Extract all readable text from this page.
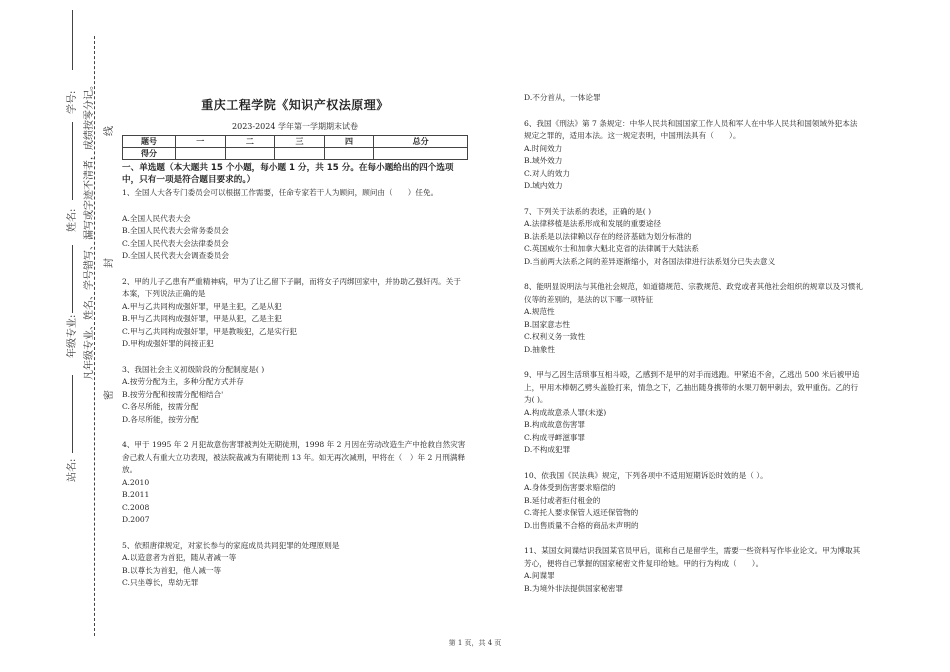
学号:
姓名:
年级专业:
站名:
凡年级专业、姓名、学号错写、漏写或字迹不清者，成绩按零分记。
密
封
线
重庆工程学院《知识产权法原理》
2023-2024 学年第一学期期末试卷
题号	一	二	三	四	总分
得分					
一、单选题（本大题共 15 个小题，每小题 1 分，共 15 分。在每小题给出的四个选项中，只有一项是符合题目要求的。）

1、全国人大各专门委员会可以根据工作需要，任命专家若干人为顾问，顾问由（　　）任免。

A.全国人民代表大会

B.全国人民代表大会常务委员会

C.全国人民代表大会法律委员会

D.全国人民代表大会调查委员会

2、甲的儿子乙患有严重精神病，甲为了让乙留下子嗣，而将女子丙绑回家中，并协助乙强奸丙。关于本案，下列说法正确的是

A.甲与乙共同构成强奸罪，甲是主犯，乙是从犯

B.甲与乙共同构成强奸罪，甲是从犯，乙是主犯

C.甲与乙共同构成强奸罪，甲是教唆犯，乙是实行犯

D.甲构成强奸罪的间接正犯

3、我国社会主义初级阶段的分配制度是( )

A.按劳分配为主，多种分配方式并存

B.按劳分配和按需分配相结合'

C.各尽所能，按需分配

D.各尽所能，按劳分配

4、甲于 1995 年 2 月犯故意伤害罪被判处无期徒刑，1998 年 2 月因在劳动改造生产中抢救自然灾害舍己救人有重大立功表现，被法院裁减为有期徒刑 13 年。如无再次减刑，甲将在（　）年 2 月刑满释放。

A.2010

B.2011

C.2008

D.2007

5、依照唐律规定，对家长参与的家庭成员共同犯罪的处理原则是

A.以造意者为首犯，随从者减一等

B.以尊长为首犯，他人减一等

C.只坐尊长，卑幼无罪

D.不分首从，一体论罪

6、我国《刑法》第 7 条规定：中华人民共和国国家工作人员和军人在中华人民共和国领域外犯本法规定之罪的，适用本法。这一规定表明，中国刑法具有（　　）。

A.时间效力

B.域外效力

C.对人的效力

D.域内效力

7、下列关于法系的表述，正确的是( )

A.法律移植是法系形成和发展的重要途径

B.法系是以法律赖以存在的经济基础为划分标准的

C.英国威尔士和加拿大魁北克省的法律属于大陆法系

D.当前两大法系之间的差异逐渐缩小，对各国法律进行法系划分已失去意义

8、能明显说明法与其他社会规范，如道德规范、宗教规范、政党或者其他社会组织的规章以及习惯礼仪等的差别的，是法的以下哪一项特征

A.规范性

B.国家意志性

C.权利义务一致性

D.抽象性

9、甲与乙因生活琐事互相斗殴，乙感到不是甲的对手而逃跑。甲紧追不舍，乙逃出 500 米后被甲追上，甲用木棒朝乙劈头盖脸打来，情急之下，乙抽出随身携带的水果刀朝甲刺去，致甲重伤。乙的行为( )。

A.构成故意杀人罪(未遂)

B.构成故意伤害罪

C.构成寻衅滋事罪

D.不构成犯罪

10、依我国《民法典》规定，下列各项中不适用短期诉讼时效的是（ ）。

A.身体受到伤害要求赔偿的

B.延付或者拒付租金的

C.寄托人要求保管人返还保管物的

D.出售质量不合格的商品未声明的

11、某国女间谍结识我国某官员甲后，谎称自己是留学生，需要一些资料写作毕业论文。甲为博取其芳心，便将自己掌握的国家秘密文件复印给她。甲的行为构成（　　）。

A.间谍罪

B.为境外非法提供国家秘密罪

第 1 页，共 4 页
